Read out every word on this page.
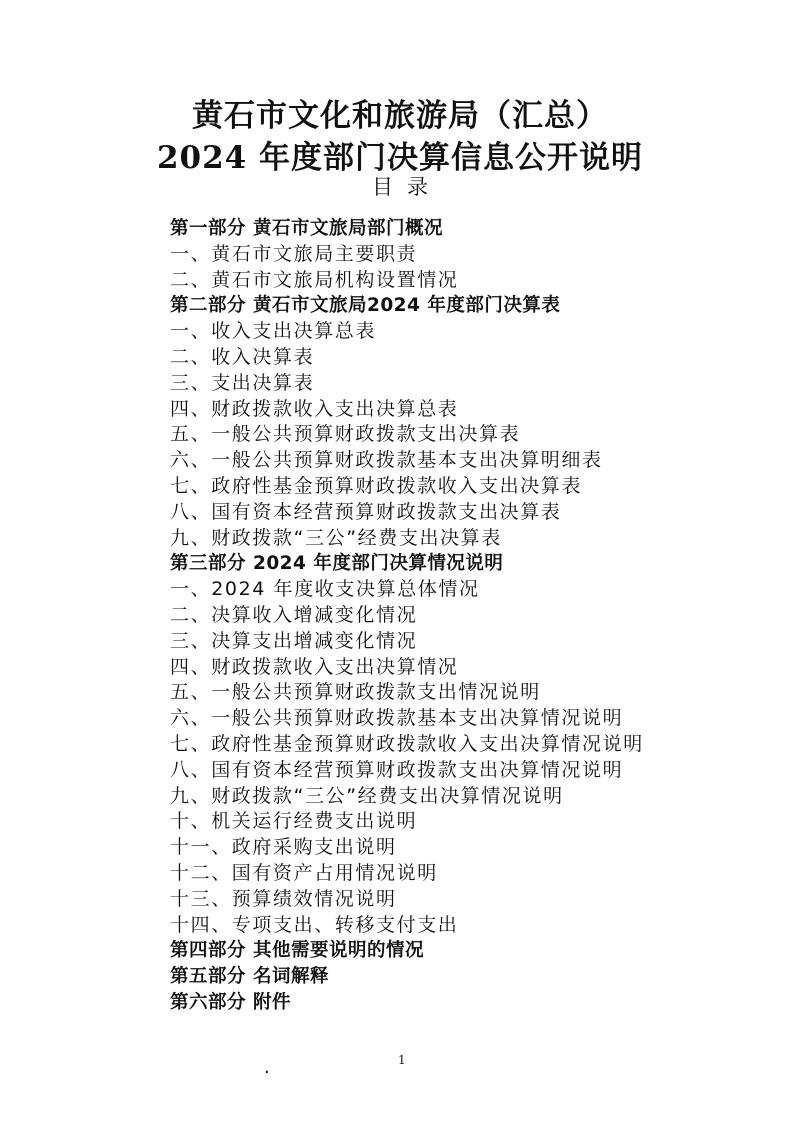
黄石市文化和旅游局（汇总）
2024 年度部门决算信息公开说明
目录
第一部分 黄石市文旅局部门概况
一、黄石市文旅局主要职责
二、黄石市文旅局机构设置情况
第二部分 黄石市文旅局2024 年度部门决算表
一、收入支出决算总表
二、收入决算表
三、支出决算表
四、财政拨款收入支出决算总表
五、一般公共预算财政拨款支出决算表
六、一般公共预算财政拨款基本支出决算明细表
七、政府性基金预算财政拨款收入支出决算表
八、国有资本经营预算财政拨款支出决算表
九、财政拨款“三公”经费支出决算表
第三部分 2024 年度部门决算情况说明
一、2024 年度收支决算总体情况
二、决算收入增减变化情况
三、决算支出增减变化情况
四、财政拨款收入支出决算情况
五、一般公共预算财政拨款支出情况说明
六、一般公共预算财政拨款基本支出决算情况说明
七、政府性基金预算财政拨款收入支出决算情况说明
八、国有资本经营预算财政拨款支出决算情况说明
九、财政拨款“三公”经费支出决算情况说明
十、机关运行经费支出说明
十一、政府采购支出说明
十二、国有资产占用情况说明
十三、预算绩效情况说明
十四、专项支出、转移支付支出
第四部分 其他需要说明的情况
第五部分 名词解释
第六部分 附件
.	1
